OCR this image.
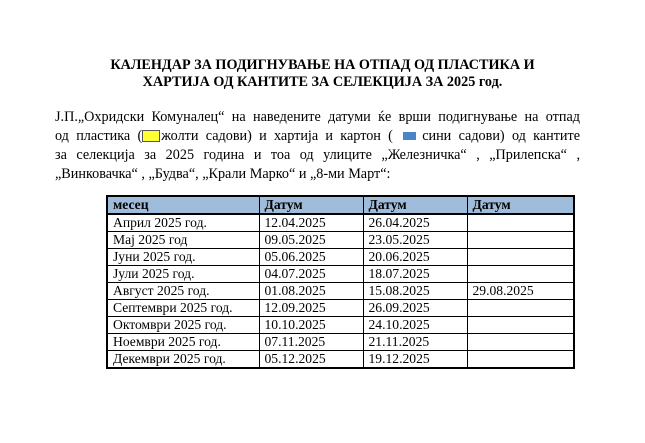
КАЛЕНДАР ЗА ПОДИГНУВАЊЕ НА ОТПАД ОД ПЛАСТИКА И
ХАРТИЈА ОД КАНТИТЕ ЗА СЕЛЕКЦИЈА ЗА 2025 год.
Ј.П.„Охридски Комуналец“ на наведените датуми ќе врши подигнување на отпад
од пластика ( жолти садови) и хартија и картон ( сини садови) од кантите
за селекција за 2025 година и тоа од улиците „Железничка“ , „Прилепска“ ,
„Винковачка“ , „Будва“, „Крали Марко“ и „8-ми Март“:
месец	Датум	Датум	Датум
Април 2025 год.	12.04.2025	26.04.2025	
Мај 2025 год	09.05.2025	23.05.2025	
Јуни 2025 год.	05.06.2025	20.06.2025	
Јули 2025 год.	04.07.2025	18.07.2025	
Август 2025 год.	01.08.2025	15.08.2025	29.08.2025
Септември 2025 год.	12.09.2025	26.09.2025	
Октомври 2025 год.	10.10.2025	24.10.2025	
Ноември 2025 год.	07.11.2025	21.11.2025	
Декември 2025 год.	05.12.2025	19.12.2025	
